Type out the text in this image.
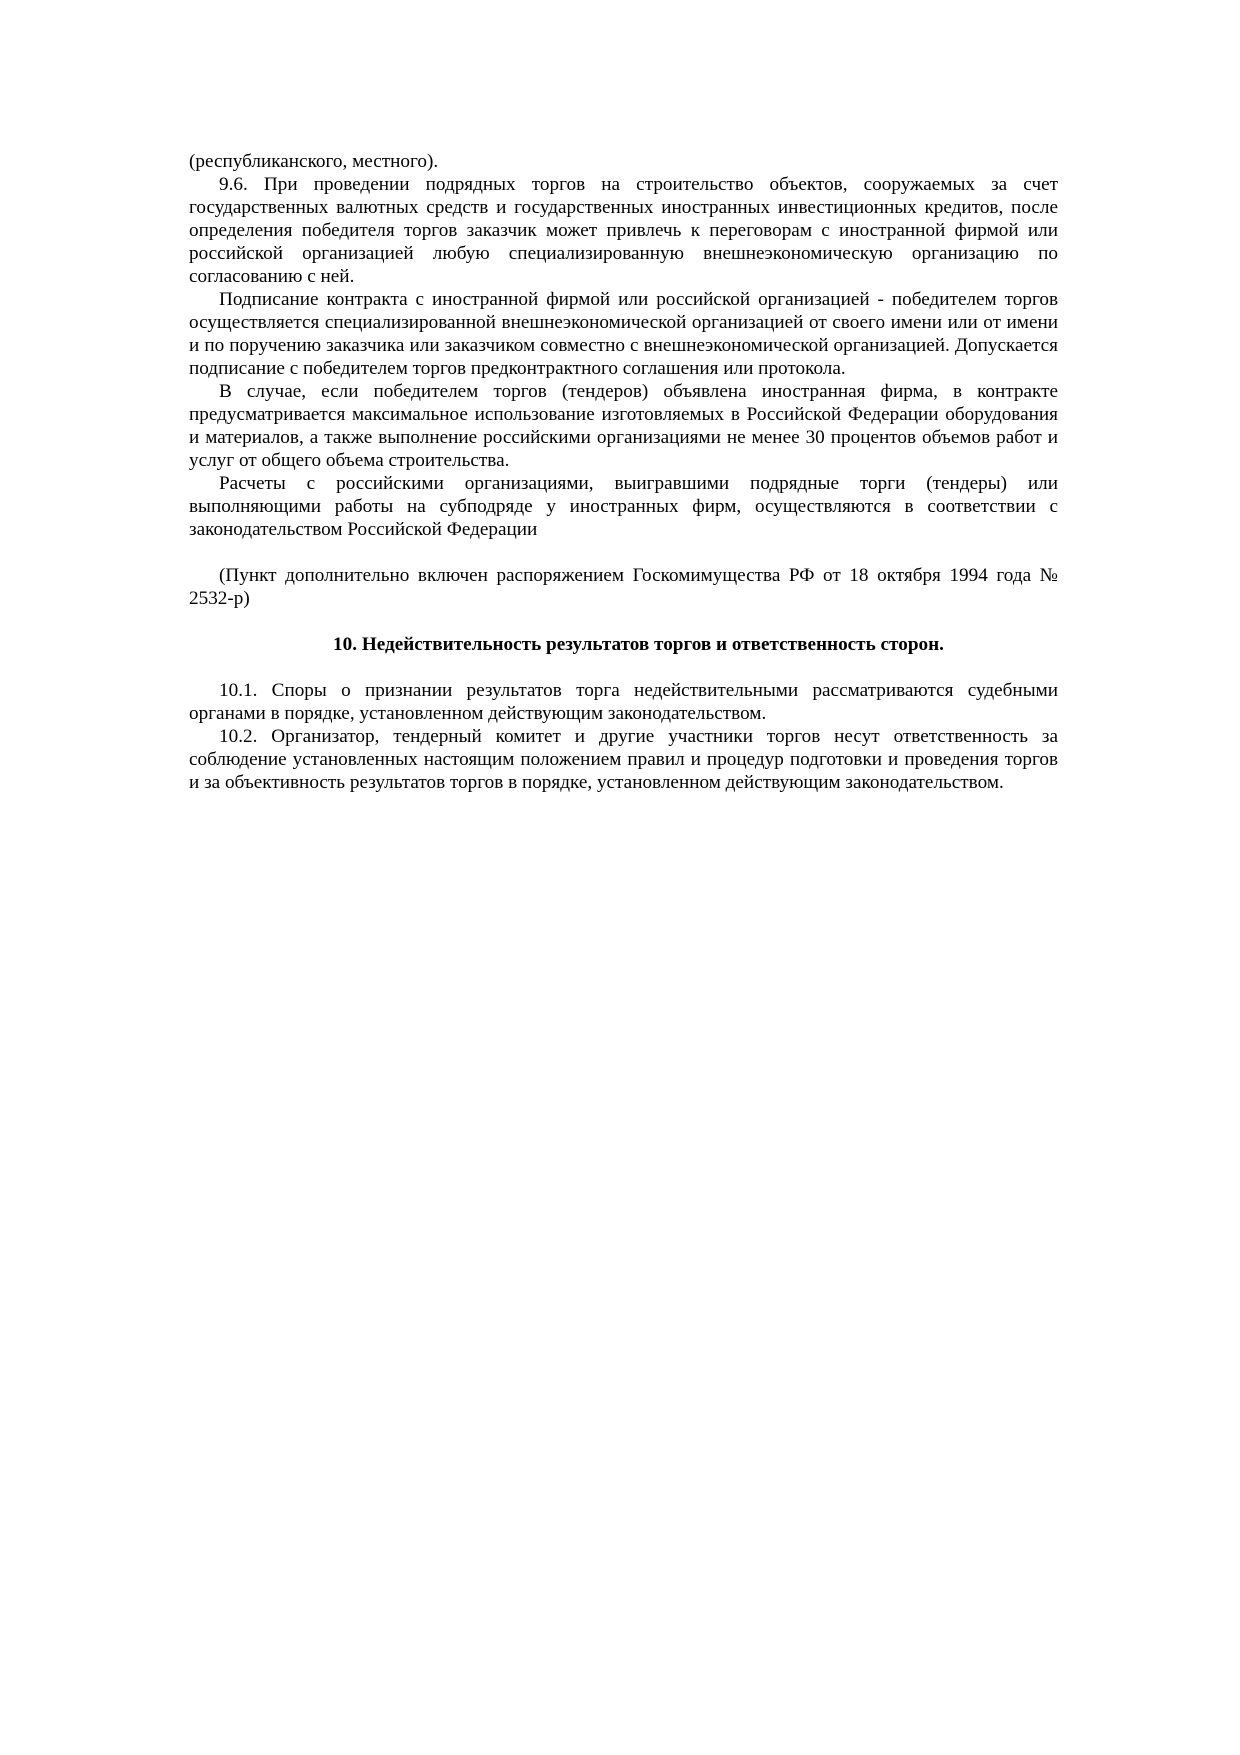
(республиканского, местного).

9.6. При проведении подрядных торгов на строительство объектов, сооружаемых за счет государственных валютных средств и государственных иностранных инвестиционных кредитов, после определения победителя торгов заказчик может привлечь к переговорам с иностранной фирмой или российской организацией любую специализированную внешнеэкономическую организацию по согласованию с ней.

Подписание контракта с иностранной фирмой или российской организацией - победителем торгов осуществляется специализированной внешнеэкономической организацией от своего имени или от имени и по поручению заказчика или заказчиком совместно с внешнеэкономической организацией. Допускается подписание с победителем торгов предконтрактного соглашения или протокола.

В случае, если победителем торгов (тендеров) объявлена иностранная фирма, в контракте предусматривается максимальное использование изготовляемых в Российской Федерации оборудования и материалов, а также выполнение российскими организациями не менее 30 процентов объемов работ и услуг от общего объема строительства.

Расчеты с российскими организациями, выигравшими подрядные торги (тендеры) или выполняющими работы на субподряде у иностранных фирм, осуществляются в соответствии с законодательством Российской Федерации

(Пункт дополнительно включен распоряжением Госкомимущества РФ от 18 октября 1994 года № 2532-р)

10. Недействительность результатов торгов и ответственность сторон.

10.1. Споры о признании результатов торга недействительными рассматриваются судебными органами в порядке, установленном действующим законодательством.

10.2. Организатор, тендерный комитет и другие участники торгов несут ответственность за соблюдение установленных настоящим положением правил и процедур подготовки и проведения торгов и за объективность результатов торгов в порядке, установленном действующим законодательством.
